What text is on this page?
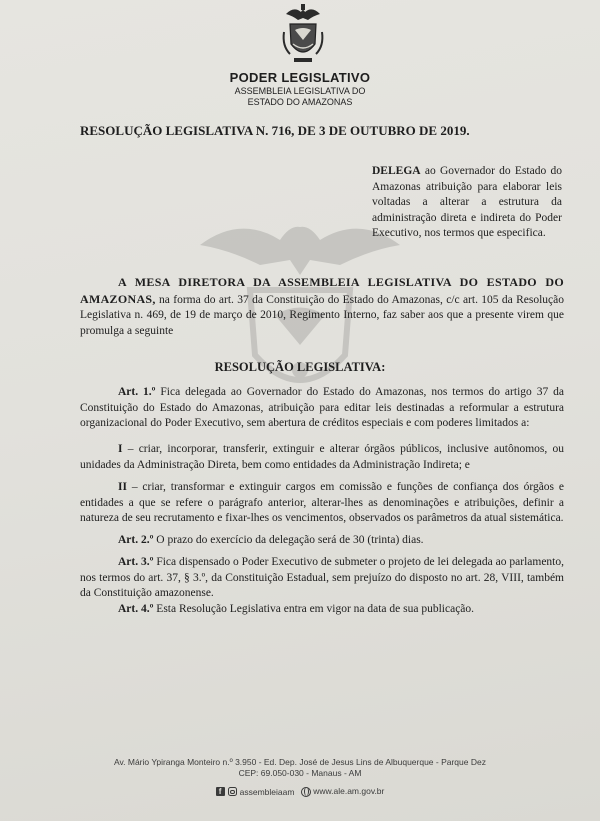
PODER LEGISLATIVO
ASSEMBLEIA LEGISLATIVA DO
ESTADO DO AMAZONAS
RESOLUÇÃO LEGISLATIVA N. 716, DE 3 DE OUTUBRO DE 2019.
DELEGA ao Governador do Estado do Amazonas atribuição para elaborar leis voltadas a alterar a estrutura da administração direta e indireta do Poder Executivo, nos termos que especifica.
A MESA DIRETORA DA ASSEMBLEIA LEGISLATIVA DO ESTADO DO AMAZONAS, na forma do art. 37 da Constituição do Estado do Amazonas, c/c art. 105 da Resolução Legislativa n. 469, de 19 de março de 2010, Regimento Interno, faz saber aos que a presente virem que promulga a seguinte
RESOLUÇÃO LEGISLATIVA:

Art. 1.º Fica delegada ao Governador do Estado do Amazonas, nos termos do artigo 37 da Constituição do Estado do Amazonas, atribuição para editar leis destinadas a reformular a estrutura organizacional do Poder Executivo, sem abertura de créditos especiais e com poderes limitados a:

I – criar, incorporar, transferir, extinguir e alterar órgãos públicos, inclusive autônomos, ou unidades da Administração Direta, bem como entidades da Administração Indireta; e

II – criar, transformar e extinguir cargos em comissão e funções de confiança dos órgãos e entidades a que se refere o parágrafo anterior, alterar-lhes as denominações e atribuições, definir a natureza de seu recrutamento e fixar-lhes os vencimentos, observados os parâmetros da atual sistemática.

Art. 2.º O prazo do exercício da delegação será de 30 (trinta) dias.

Art. 3.º Fica dispensado o Poder Executivo de submeter o projeto de lei delegada ao parlamento, nos termos do art. 37, § 3.º, da Constituição Estadual, sem prejuízo do disposto no art. 28, VIII, também da Constituição amazonense.

Art. 4.º Esta Resolução Legislativa entra em vigor na data de sua publicação.

Av. Mário Ypiranga Monteiro n.º 3.950 - Ed. Dep. José de Jesus Lins de Albuquerque - Parque Dez
CEP: 69.050-030 - Manaus - AM
f	assembleiaam www.ale.am.gov.br
